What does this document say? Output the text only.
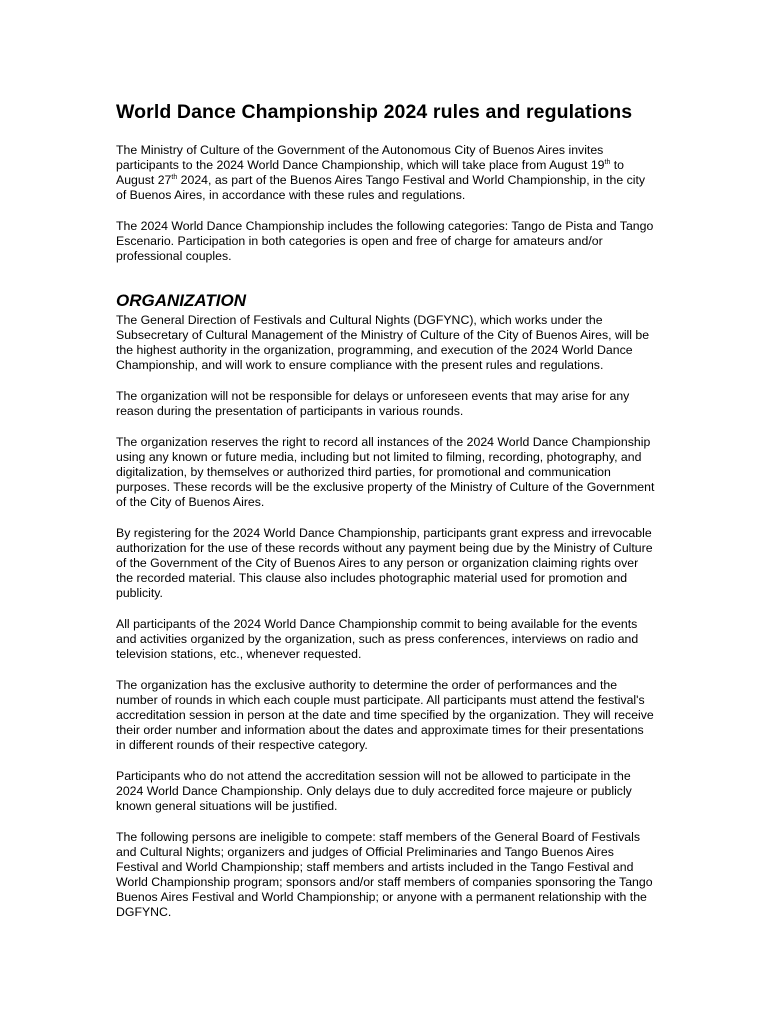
World Dance Championship 2024 rules and regulations

The Ministry of Culture of the Government of the Autonomous City of Buenos Aires invites participants to the 2024 World Dance Championship, which will take place from August 19th to August 27th 2024, as part of the Buenos Aires Tango Festival and World Championship, in the city of Buenos Aires, in accordance with these rules and regulations.

The 2024 World Dance Championship includes the following categories: Tango de Pista and Tango Escenario. Participation in both categories is open and free of charge for amateurs and/or professional couples.

ORGANIZATION

The General Direction of Festivals and Cultural Nights (DGFYNC), which works under the Subsecretary of Cultural Management of the Ministry of Culture of the City of Buenos Aires, will be the highest authority in the organization, programming, and execution of the 2024 World Dance Championship, and will work to ensure compliance with the present rules and regulations.

The organization will not be responsible for delays or unforeseen events that may arise for any reason during the presentation of participants in various rounds.

The organization reserves the right to record all instances of the 2024 World Dance Championship using any known or future media, including but not limited to filming, recording, photography, and digitalization, by themselves or authorized third parties, for promotional and communication purposes. These records will be the exclusive property of the Ministry of Culture of the Government of the City of Buenos Aires.

By registering for the 2024 World Dance Championship, participants grant express and irrevocable authorization for the use of these records without any payment being due by the Ministry of Culture of the Government of the City of Buenos Aires to any person or organization claiming rights over the recorded material. This clause also includes photographic material used for promotion and publicity.

All participants of the 2024 World Dance Championship commit to being available for the events and activities organized by the organization, such as press conferences, interviews on radio and television stations, etc., whenever requested.

The organization has the exclusive authority to determine the order of performances and the number of rounds in which each couple must participate. All participants must attend the festival's accreditation session in person at the date and time specified by the organization. They will receive their order number and information about the dates and approximate times for their presentations in different rounds of their respective category.

Participants who do not attend the accreditation session will not be allowed to participate in the 2024 World Dance Championship. Only delays due to duly accredited force majeure or publicly known general situations will be justified.

The following persons are ineligible to compete: staff members of the General Board of Festivals and Cultural Nights; organizers and judges of Official Preliminaries and Tango Buenos Aires Festival and World Championship; staff members and artists included in the Tango Festival and World Championship program; sponsors and/or staff members of companies sponsoring the Tango Buenos Aires Festival and World Championship; or anyone with a permanent relationship with the DGFYNC.
